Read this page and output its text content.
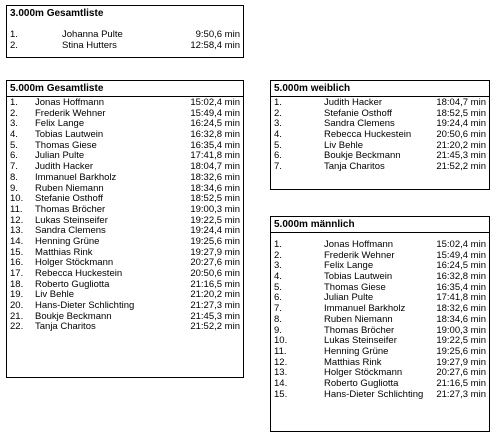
3.000m Gesamtliste
1.	Johanna Pulte	9:50,6 min
2.	Stina Hutters	12:58,4 min
5.000m Gesamtliste
1. Jonas Hoffmann	15:02,4 min
2. Frederik Wehner	15:49,4 min
3. Felix Lange	16:24,5 min
4. Tobias Lautwein	16:32,8 min
5. Thomas Giese	16:35,4 min
6. Julian Pulte	17:41,8 min
7. Judith Hacker	18:04,7 min
8. Immanuel Barkholz	18:32,6 min
9. Ruben Niemann	18:34,6 min
10. Stefanie Osthoff	18:52,5 min
11. Thomas Bröcher	19:00,3 min
12. Lukas Steinseifer	19:22,5 min
13. Sandra Clemens	19:24,4 min
14. Henning Grüne	19:25,6 min
15. Matthias Rink	19:27,9 min
16. Holger Stöckmann	20:27,6 min
17. Rebecca Huckestein	20:50,6 min
18. Roberto Gugliotta	21:16,5 min
19. Liv Behle	21:20,2 min
20. Hans-Dieter Schlichting	21:27,3 min
21. Boukje Beckmann	21:45,3 min
22. Tanja Charitos	21:52,2 min
5.000m weiblich
1.	Judith Hacker	18:04,7 min
2.	Stefanie Osthoff	18:52,5 min
3.	Sandra Clemens	19:24,4 min
4.	Rebecca Huckestein	20:50,6 min
5.	Liv Behle	21:20,2 min
6.	Boukje Beckmann	21:45,3 min
7.	Tanja Charitos	21:52,2 min
5.000m männlich
1.	Jonas Hoffmann	15:02,4 min
2.	Frederik Wehner	15:49,4 min
3.	Felix Lange	16:24,5 min
4.	Tobias Lautwein	16:32,8 min
5.	Thomas Giese	16:35,4 min
6.	Julian Pulte	17:41,8 min
7.	Immanuel Barkholz	18:32,6 min
8.	Ruben Niemann	18:34,6 min
9.	Thomas Bröcher	19:00,3 min
10.	Lukas Steinseifer	19:22,5 min
11.	Henning Grüne	19:25,6 min
12.	Matthias Rink	19:27,9 min
13.	Holger Stöckmann	20:27,6 min
14.	Roberto Gugliotta	21:16,5 min
15.	Hans-Dieter Schlichting 21:27,3 min
